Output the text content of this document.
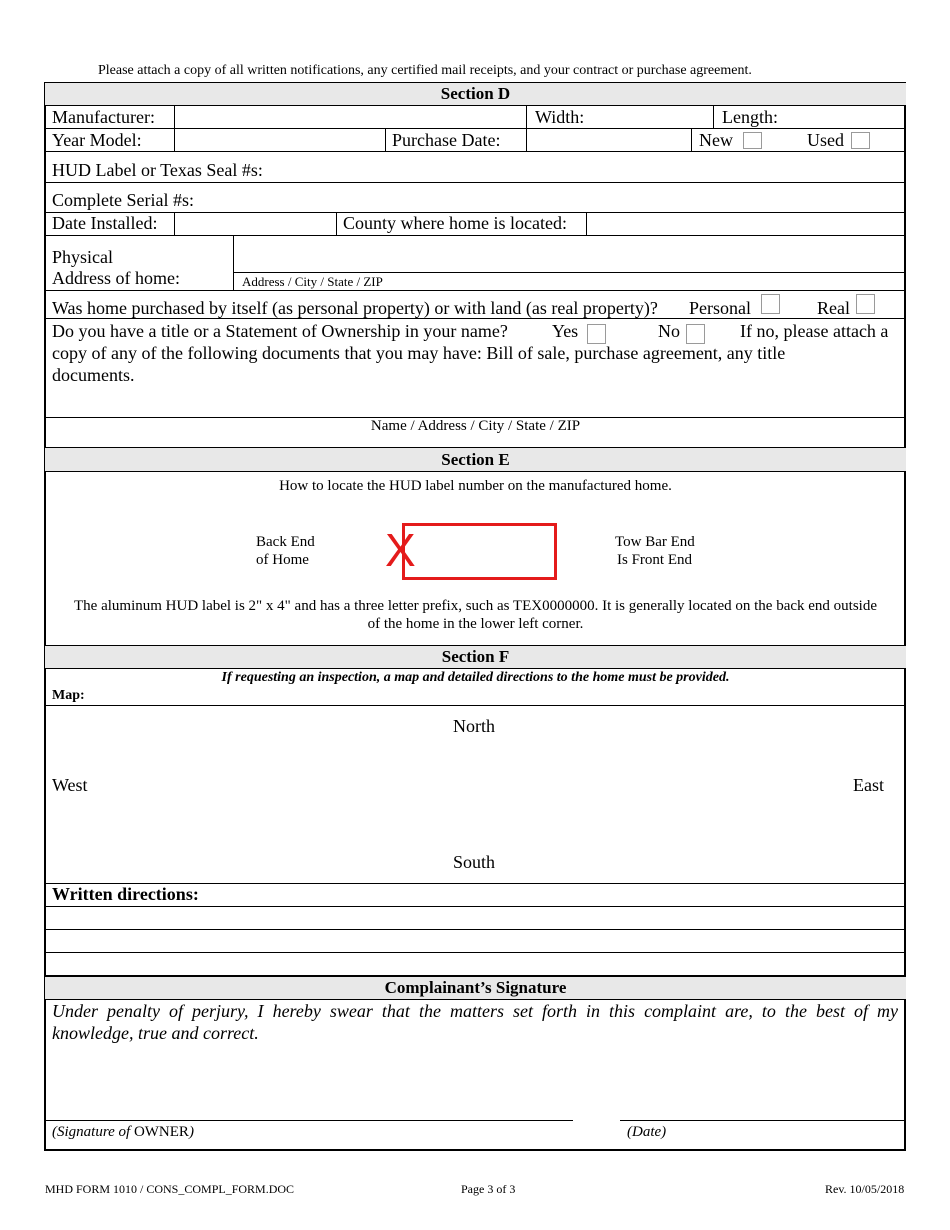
Please attach a copy of all written notifications, any certified mail receipts, and your contract or purchase agreement.
Section D
Manufacturer:	Width:	Length:
Year Model:	Purchase Date:	New	Used
HUD Label or Texas Seal #s:
Complete Serial #s:
Date Installed:	County where home is located:
Physical
Address of home:	Address / City / State / ZIP
Was home purchased by itself (as personal property) or with land (as real property)? Personal	Real
Do you have a title or a Statement of Ownership in your name? Yes	No	If no, please attach a
copy of any of the following documents that you may have: Bill of sale, purchase agreement, any title
documents.
Name / Address / City / State / ZIP
Section E
How to locate the HUD label number on the manufactured home.
Back End
of Home X	Tow Bar End
Is Front End
The aluminum HUD label is 2" x 4" and has a three letter prefix, such as TEX0000000. It is generally located on the back end outside
of the home in the lower left corner.
Section F
If requesting an inspection, a map and detailed directions to the home must be provided.
Map:
North
West	East
South
Written directions:
Complainant’s Signature
Under penalty of perjury, I hereby swear that the matters set forth in this complaint are, to the best of my
knowledge, true and correct.
(Signature of OWNER)	(Date)
MHD FORM 1010 / CONS_COMPL_FORM.DOC	Page 3 of 3	Rev. 10/05/2018
